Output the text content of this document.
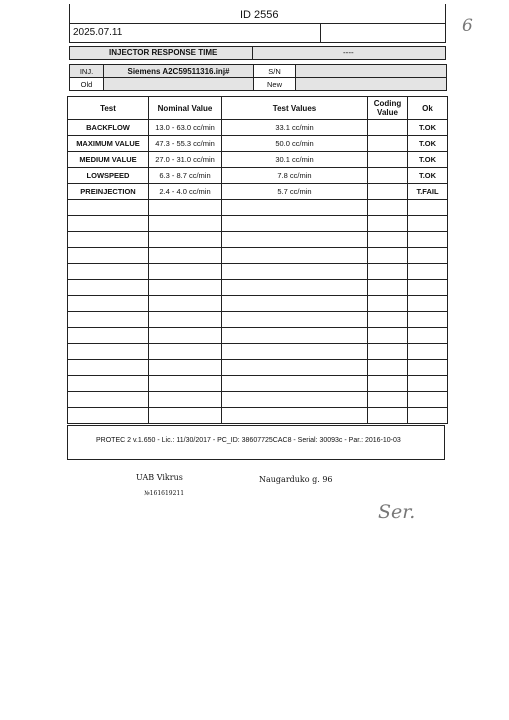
ID 2556
6
2025.07.11
INJECTOR RESPONSE TIME	----
INJ.	Siemens A2C59511316.inj#	S/N	
Old		New	
Test	Nominal Value	Test Values	Coding Value	Ok
BACKFLOW	13.0 - 63.0 cc/min	33.1 cc/min		T.OK
MAXIMUM VALUE	47.3 - 55.3 cc/min	50.0 cc/min		T.OK
MEDIUM VALUE	27.0 - 31.0 cc/min	30.1 cc/min		T.OK
LOWSPEED	6.3 - 8.7 cc/min	7.8 cc/min		T.OK
PREINJECTION	2.4 - 4.0 cc/min	5.7 cc/min		T.FAIL

PROTEC 2 v.1.650 - Lic.: 11/30/2017 - PC_ID: 38607725CAC8 - Serial: 30093c - Par.: 2016-10-03
UAB Vikrus	Naugarduko g. 96
№161619211
Ser.
